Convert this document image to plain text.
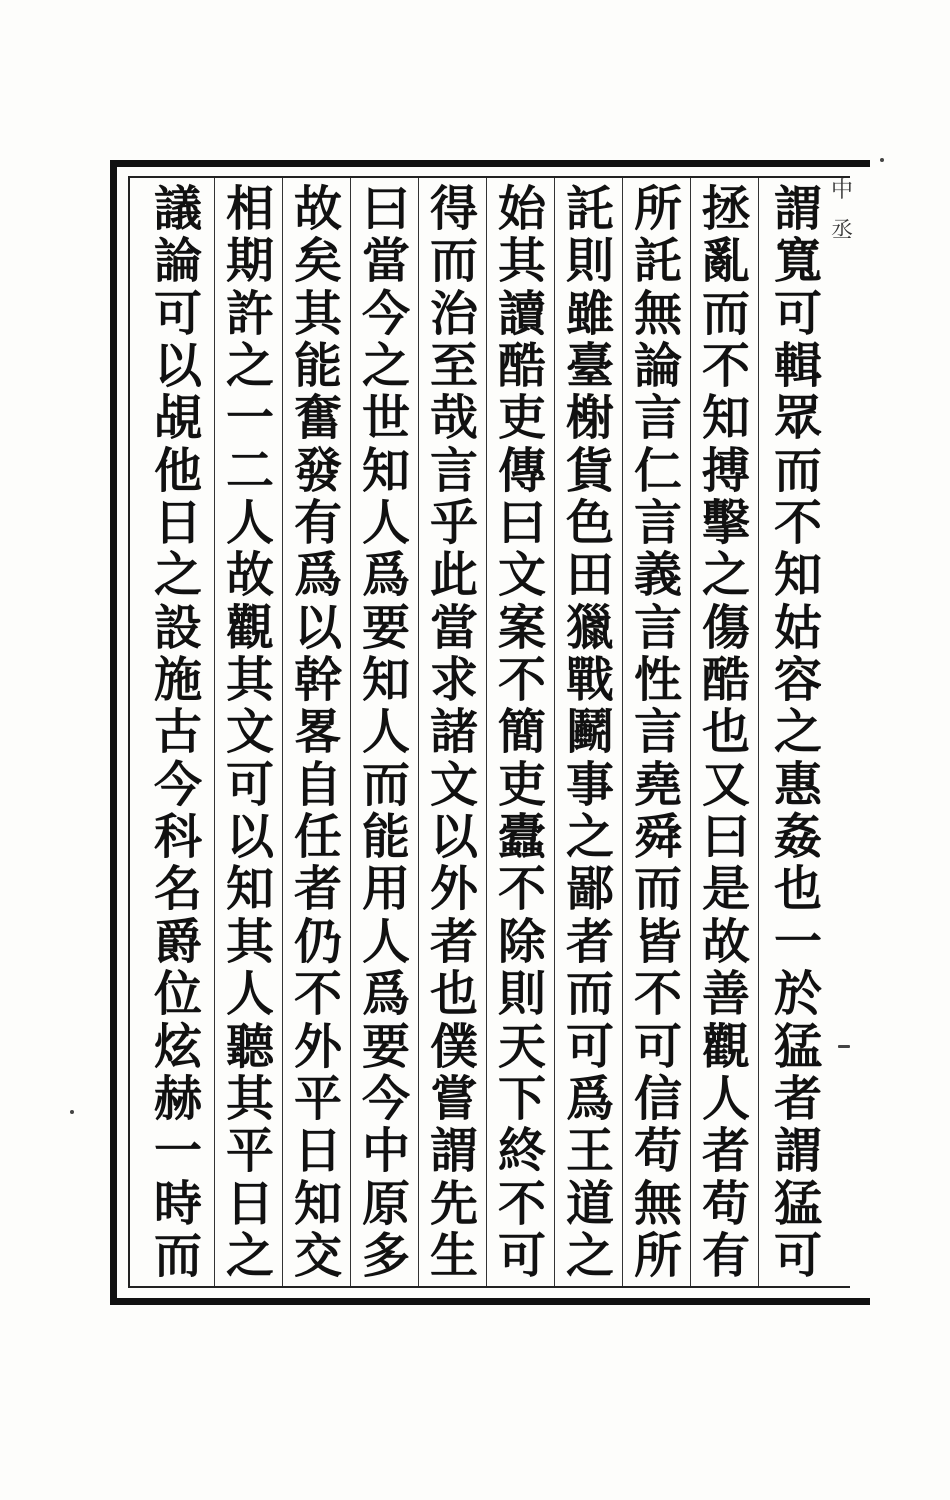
謂
寬
可
輯
眾
而
不
知
姑
容
之
惠
姦
也
一
於
猛
者
謂
猛
可
拯
亂
而
不
知
搏
擊
之
傷
酷
也
又
曰
是
故
善
觀
人
者
苟
有
所
託
無
論
言
仁
言
義
言
性
言
堯
舜
而
皆
不
可
信
苟
無
所
託
則
雖
臺
榭
貨
色
田
獵
戰
鬬
事
之
鄙
者
而
可
爲
王
道
之
始
其
讀
酷
吏
傳
曰
文
案
不
簡
吏
蠹
不
除
則
天
下
終
不
可
得
而
治
至
哉
言
乎
此
當
求
諸
文
以
外
者
也
僕
嘗
謂
先
生
曰
當
今
之
世
知
人
爲
要
知
人
而
能
用
人
爲
要
今
中
原
多
故
矣
其
能
奮
發
有
爲
以
幹
畧
自
任
者
仍
不
外
平
日
知
交
相
期
許
之
一
二
人
故
觀
其
文
可
以
知
其
人
聽
其
平
日
之
議
論
可
以
覘
他
日
之
設
施
古
今
科
名
爵
位
炫
赫
一
時
而
中
丞
